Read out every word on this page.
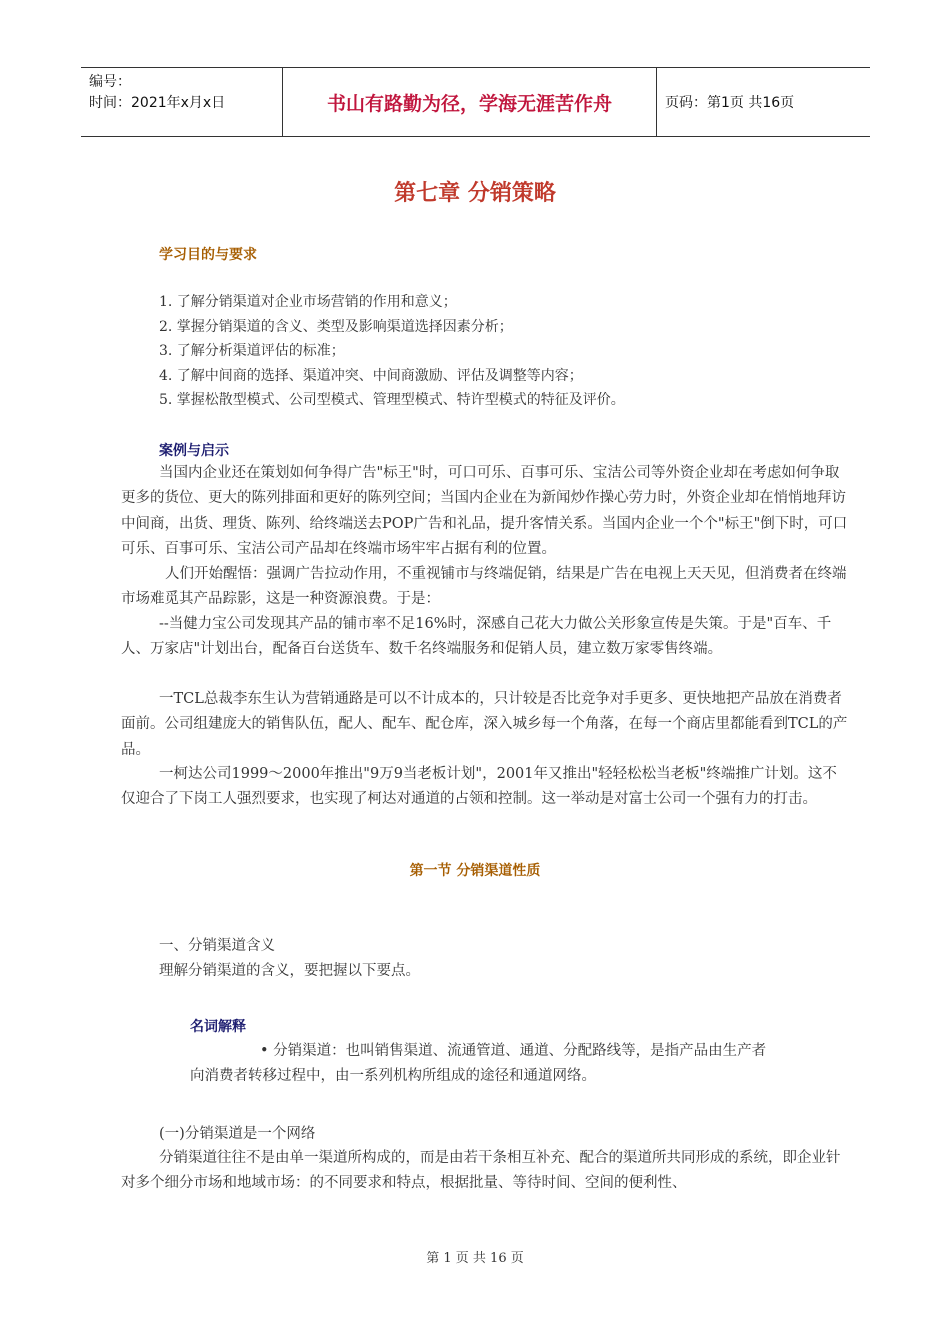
编号：
时间：2021年x月x日	书山有路勤为径，学海无涯苦作舟	页码：第1页 共16页
第七章 分销策略
学习目的与要求
1. 了解分销渠道对企业市场营销的作用和意义；
2. 掌握分销渠道的含义、类型及影响渠道选择因素分析；
3. 了解分析渠道评估的标准；
4. 了解中间商的选择、渠道冲突、中间商激励、评估及调整等内容；
5. 掌握松散型模式、公司型模式、管理型模式、特许型模式的特征及评价。
案例与启示

当国内企业还在策划如何争得广告"标王"时，可口可乐、百事可乐、宝洁公司等外资企业却在考虑如何争取更多的货位、更大的陈列排面和更好的陈列空间；当国内企业在为新闻炒作操心劳力时，外资企业却在悄悄地拜访中间商，出货、理货、陈列、给终端送去POP广告和礼品，提升客情关系。当国内企业一个个"标王"倒下时，可口可乐、百事可乐、宝洁公司产品却在终端市场牢牢占据有利的位置。

人们开始醒悟：强调广告拉动作用，不重视铺市与终端促销，结果是广告在电视上天天见，但消费者在终端市场难觅其产品踪影，这是一种资源浪费。于是：

--当健力宝公司发现其产品的铺市率不足16%时，深感自己花大力做公关形象宣传是失策。于是"百车、千人、万家店"计划出台，配备百台送货车、数千名终端服务和促销人员，建立数万家零售终端。

一TCL总裁李东生认为营销通路是可以不计成本的，只计较是否比竞争对手更多、更快地把产品放在消费者面前。公司组建庞大的销售队伍，配人、配车、配仓库，深入城乡每一个角落，在每一个商店里都能看到TCL的产品。

一柯达公司1999～2000年推出"9万9当老板计划"，2001年又推出"轻轻松松当老板"终端推广计划。这不仅迎合了下岗工人强烈要求，也实现了柯达对通道的占领和控制。这一举动是对富士公司一个强有力的打击。

第一节 分销渠道性质

一、分销渠道含义

理解分销渠道的含义，要把握以下要点。

名词解释

• 分销渠道：也叫销售渠道、流通管道、通道、分配路线等，是指产品由生产者向消费者转移过程中，由一系列机构所组成的途径和通道网络。

(一)分销渠道是一个网络

分销渠道往往不是由单一渠道所构成的，而是由若干条相互补充、配合的渠道所共同形成的系统，即企业针对多个细分市场和地域市场：的不同要求和特点，根据批量、等待时间、空间的便利性、

第 1 页 共 16 页
